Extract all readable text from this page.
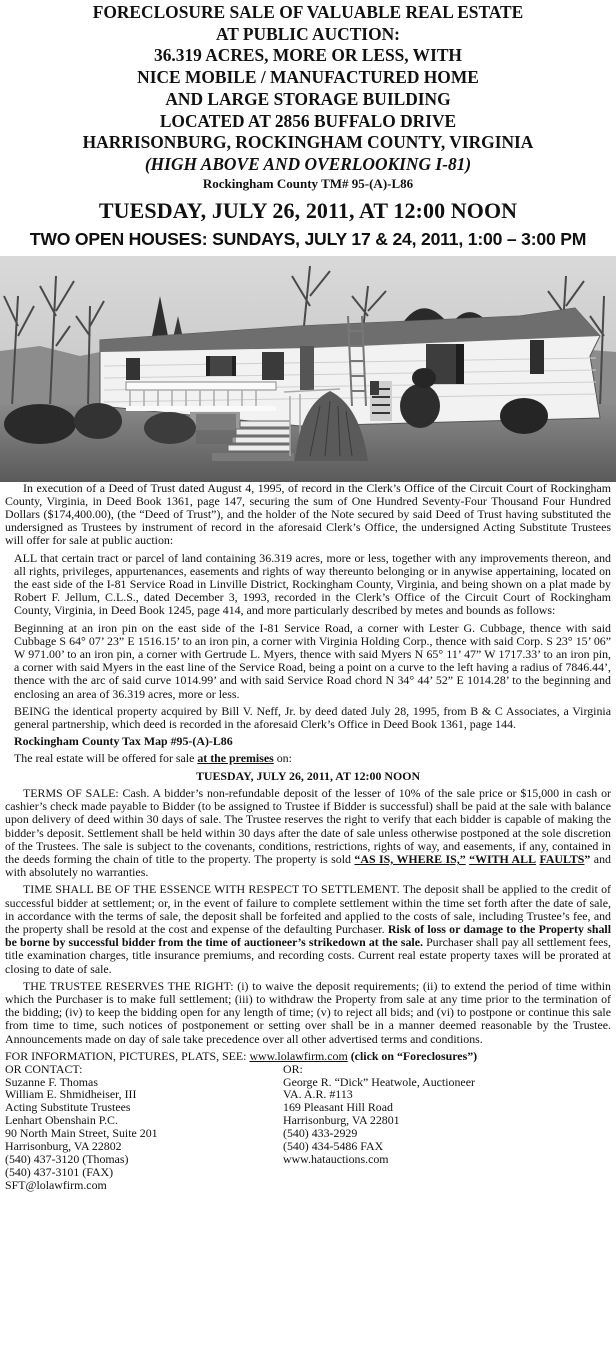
FORECLOSURE SALE OF VALUABLE REAL ESTATE

AT PUBLIC AUCTION:

36.319 ACRES, MORE OR LESS, WITH

NICE MOBILE / MANUFACTURED HOME

AND LARGE STORAGE BUILDING

LOCATED AT 2856 BUFFALO DRIVE

HARRISONBURG, ROCKINGHAM COUNTY, VIRGINIA

(HIGH ABOVE AND OVERLOOKING I-81)

Rockingham County TM# 95-(A)-L86

TUESDAY, JULY 26, 2011, AT 12:00 NOON

TWO OPEN HOUSES: SUNDAYS, JULY 17 & 24, 2011, 1:00 – 3:00 PM

In execution of a Deed of Trust dated August 4, 1995, of record in the Clerk’s Office of the Circuit Court of Rockingham County, Virginia, in Deed Book 1361, page 147, securing the sum of One Hundred Seventy-Four Thousand Four Hundred Dollars ($174,400.00), (the “Deed of Trust”), and the holder of the Note secured by said Deed of Trust having substituted the undersigned as Trustees by instrument of record in the aforesaid Clerk’s Office, the undersigned Acting Substitute Trustees will offer for sale at public auction:

ALL that certain tract or parcel of land containing 36.319 acres, more or less, together with any improvements thereon, and all rights, privileges, appurtenances, easements and rights of way thereunto belonging or in anywise appertaining, located on the east side of the I-81 Service Road in Linville District, Rockingham County, Virginia, and being shown on a plat made by Robert F. Jellum, C.L.S., dated December 3, 1993, recorded in the Clerk’s Office of the Circuit Court of Rockingham County, Virginia, in Deed Book 1245, page 414, and more particularly described by metes and bounds as follows:

Beginning at an iron pin on the east side of the I-81 Service Road, a corner with Lester G. Cubbage, thence with said Cubbage S 64° 07’ 23” E 1516.15’ to an iron pin, a corner with Virginia Holding Corp., thence with said Corp. S 23° 15’ 06” W 971.00’ to an iron pin, a corner with Gertrude L. Myers, thence with said Myers N 65° 11’ 47” W 1717.33’ to an iron pin, a corner with said Myers in the east line of the Service Road, being a point on a curve to the left having a radius of 7846.44’, thence with the arc of said curve 1014.99’ and with said Service Road chord N 34° 44’ 52” E 1014.28’ to the beginning and enclosing an area of 36.319 acres, more or less.

BEING the identical property acquired by Bill V. Neff, Jr. by deed dated July 28, 1995, from B & C Associates, a Virginia general partnership, which deed is recorded in the aforesaid Clerk’s Office in Deed Book 1361, page 144.

Rockingham County Tax Map #95-(A)-L86

The real estate will be offered for sale at the premises on:

TUESDAY, JULY 26, 2011, AT 12:00 NOON

TERMS OF SALE: Cash. A bidder’s non-refundable deposit of the lesser of 10% of the sale price or $15,000 in cash or cashier’s check made payable to Bidder (to be assigned to Trustee if Bidder is successful) shall be paid at the sale with balance upon delivery of deed within 30 days of sale. The Trustee reserves the right to verify that each bidder is capable of making the bidder’s deposit. Settlement shall be held within 30 days after the date of sale unless otherwise postponed at the sole discretion of the Trustees. The sale is subject to the covenants, conditions, restrictions, rights of way, and easements, if any, contained in the deeds forming the chain of title to the property. The property is sold “AS IS, WHERE IS,” “WITH ALL FAULTS” and with absolutely no warranties.

TIME SHALL BE OF THE ESSENCE WITH RESPECT TO SETTLEMENT. The deposit shall be applied to the credit of successful bidder at settlement; or, in the event of failure to complete settlement within the time set forth after the date of sale, in accordance with the terms of sale, the deposit shall be forfeited and applied to the costs of sale, including Trustee’s fee, and the property shall be resold at the cost and expense of the defaulting Purchaser. Risk of loss or damage to the Property shall be borne by successful bidder from the time of auctioneer’s strikedown at the sale. Purchaser shall pay all settlement fees, title examination charges, title insurance premiums, and recording costs. Current real estate property taxes will be prorated at closing to date of sale.

THE TRUSTEE RESERVES THE RIGHT: (i) to waive the deposit requirements; (ii) to extend the period of time within which the Purchaser is to make full settlement; (iii) to withdraw the Property from sale at any time prior to the termination of the bidding; (iv) to keep the bidding open for any length of time; (v) to reject all bids; and (vi) to postpone or continue this sale from time to time, such notices of postponement or setting over shall be in a manner deemed reasonable by the Trustee. Announcements made on day of sale take precedence over all other advertised terms and conditions.

FOR INFORMATION, PICTURES, PLATS, SEE: www.lolawfirm.com (click on “Foreclosures”)
OR CONTACT:
Suzanne F. Thomas
William E. Shmidheiser, III
Acting Substitute Trustees
Lenhart Obenshain P.C.
90 North Main Street, Suite 201
Harrisonburg, VA 22802
(540) 437-3120 (Thomas)
(540) 437-3101 (FAX)
SFT@lolawfirm.com
OR:
George R. “Dick” Heatwole, Auctioneer
VA. A.R. #113
169 Pleasant Hill Road
Harrisonburg, VA 22801
(540) 433-2929
(540) 434-5486 FAX
www.hatauctions.com
